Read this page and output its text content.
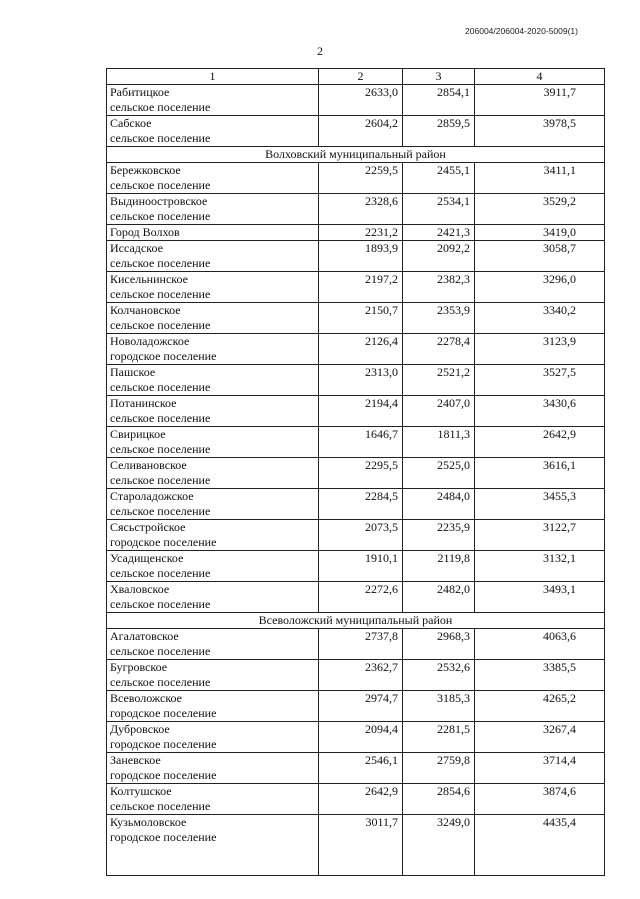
206004/206004-2020-5009(1)
2
1	2	3	4

Рабитицкое
сельское поселение	2633,0	2854,1	3911,7

Сабское
сельское поселение	2604,2	2859,5	3978,5
Волховский муниципальный район			

Бережковское
сельское поселение	2259,5	2455,1	3411,1

Выдинооcтровское
сельское поселение	2328,6	2534,1	3529,2

Город Волхов	2231,2	2421,3	3419,0

Иссадское
сельское поселение	1893,9	2092,2	3058,7

Кисельнинское
сельское поселение	2197,2	2382,3	3296,0

Колчановское
сельское поселение	2150,7	2353,9	3340,2

Новоладожское
городское поселение	2126,4	2278,4	3123,9

Пашское
сельское поселение	2313,0	2521,2	3527,5

Потанинское
сельское поселение	2194,4	2407,0	3430,6

Свирицкое
сельское поселение	1646,7	1811,3	2642,9

Селивановское
сельское поселение	2295,5	2525,0	3616,1

Староладожское
сельское поселение	2284,5	2484,0	3455,3

Сясьстройское
городское поселение	2073,5	2235,9	3122,7

Усадищенское
сельское поселение	1910,1	2119,8	3132,1

Хваловское
сельское поселение	2272,6	2482,0	3493,1
Всеволожский муниципальный район			

Агалатовское
сельское поселение	2737,8	2968,3	4063,6

Бугровское
сельское поселение	2362,7	2532,6	3385,5

Всеволожское
городское поселение	2974,7	3185,3	4265,2

Дубровское
городское поселение	2094,4	2281,5	3267,4

Заневское
городское поселение	2546,1	2759,8	3714,4

Колтушское
сельское поселение	2642,9	2854,6	3874,6

Кузьмоловское
городское поселение	3011,7	3249,0	4435,4
